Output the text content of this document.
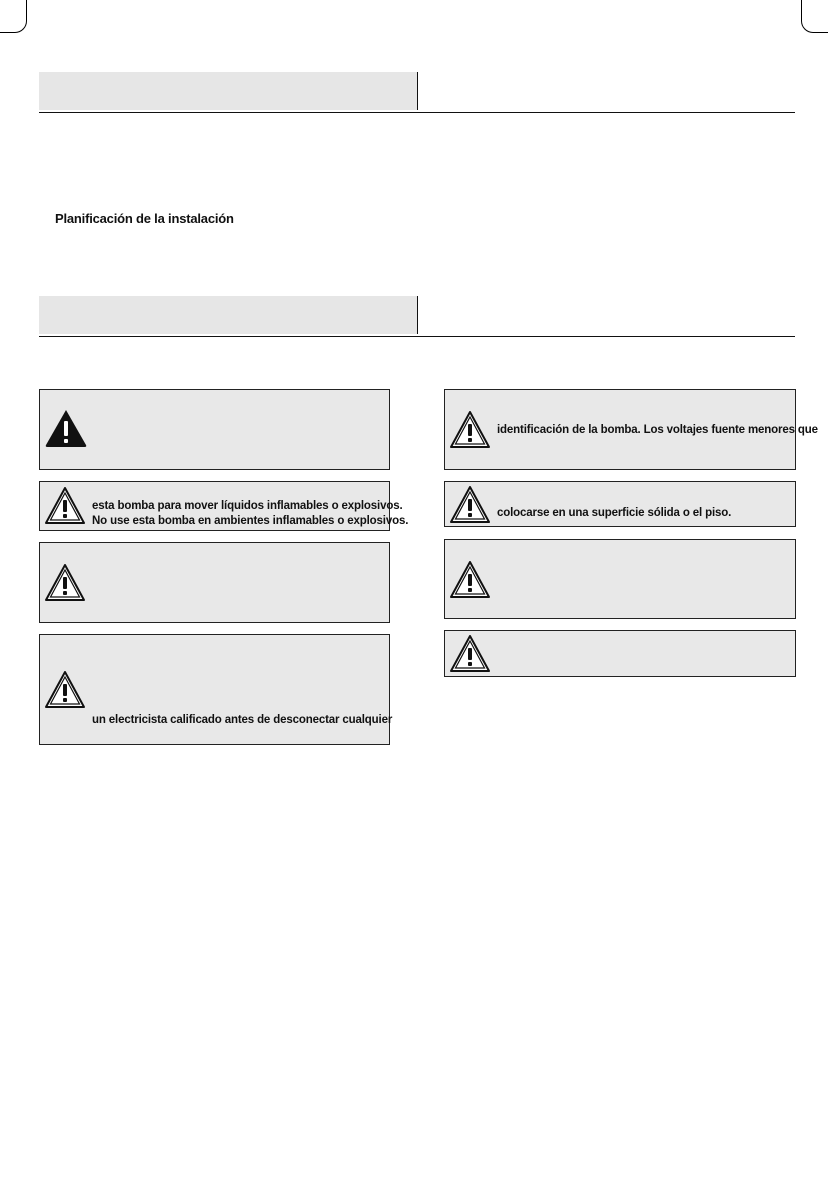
Planificación de la instalación
esta bomba para mover líquidos inflamables o explosivos.
No use esta bomba en ambientes inflamables o explosivos.
un electricista calificado antes de desconectar cualquier
identificación de la bomba. Los voltajes fuente menores que
colocarse en una superficie sólida o el piso.
